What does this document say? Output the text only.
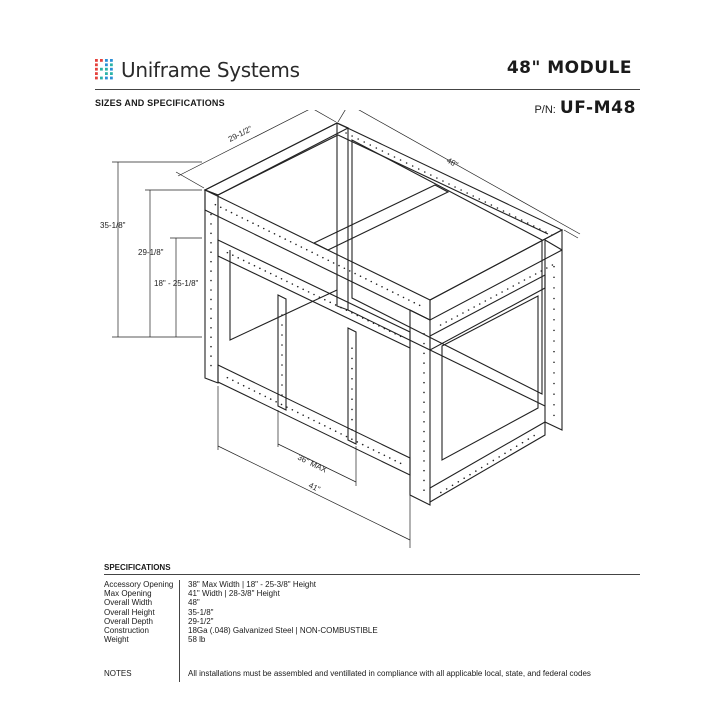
Uniframe Systems	48" MODULE
SIZES AND SPECIFICATIONS
P/N: UF-M48
29-1/2"
48"
35-1/8"
29-1/8"
18" - 25-1/8"
36" MAX
41"
SPECIFICATIONS
Accessory Opening	38" Max Width | 18" - 25-3/8" Height
Max Opening	41" Width | 28-3/8" Height
Overall Width	48"
Overall Height	35-1/8"
Overall Depth	29-1/2"
Construction	18Ga (.048) Galvanized Steel | NON-COMBUSTIBLE
Weight	58 lb
NOTES	All installations must be assembled and ventillated in compliance with all applicable local, state, and federal codes
